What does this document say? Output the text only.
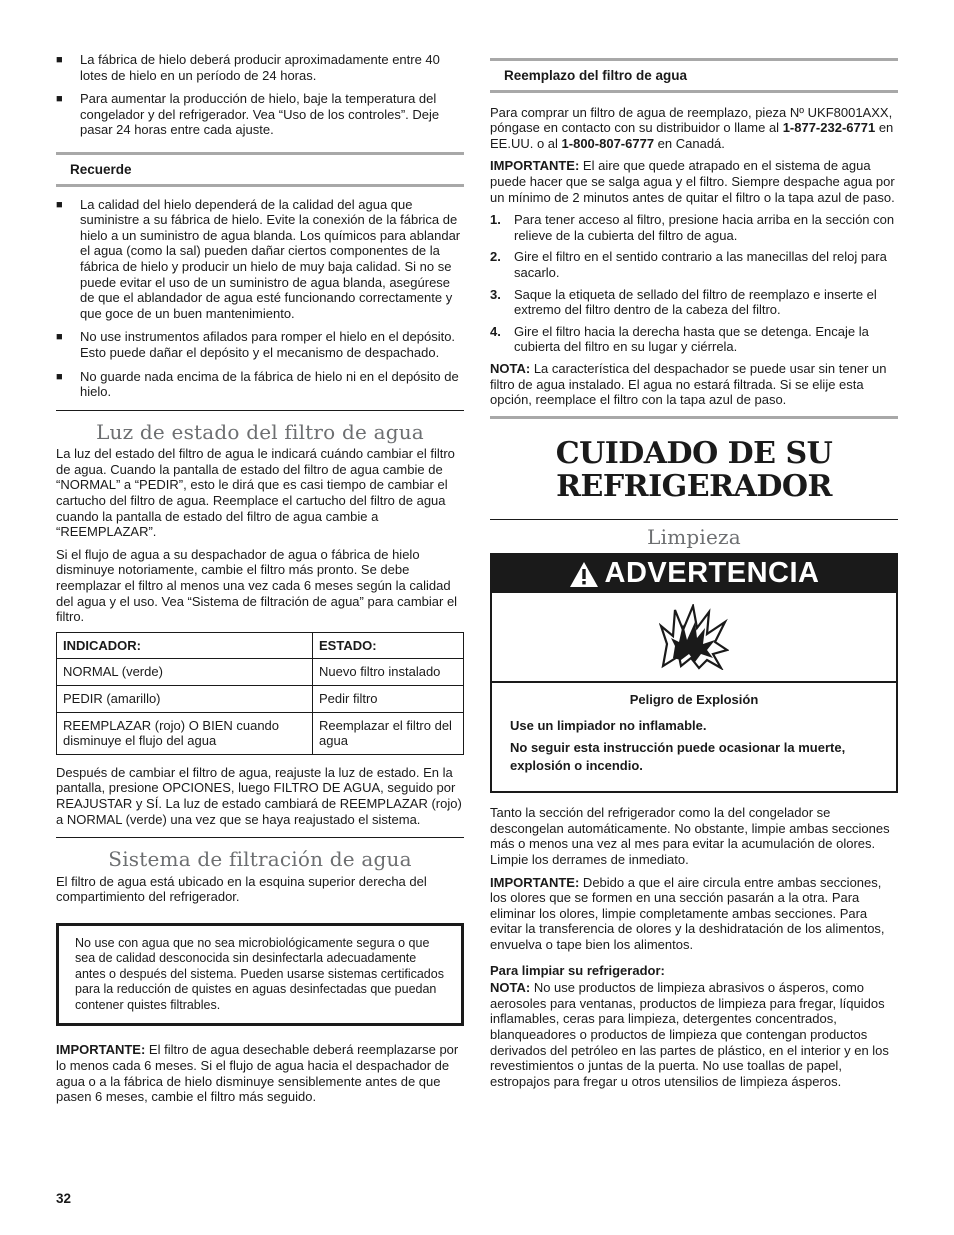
■	La fábrica de hielo deberá producir aproximadamente entre 40 lotes de hielo en un período de 24 horas.
■	Para aumentar la producción de hielo, baje la temperatura del congelador y del refrigerador. Vea “Uso de los controles”. Deje pasar 24 horas entre cada ajuste.
Recuerde
■	La calidad del hielo dependerá de la calidad del agua que suministre a su fábrica de hielo. Evite la conexión de la fábrica de hielo a un suministro de agua blanda. Los químicos para ablandar el agua (como la sal) pueden dañar ciertos componentes de la fábrica de hielo y producir un hielo de muy baja calidad. Si no se puede evitar el uso de un suministro de agua blanda, asegúrese de que el ablandador de agua esté funcionando correctamente y que goce de un buen mantenimiento.
■	No use instrumentos afilados para romper el hielo en el depósito. Esto puede dañar el depósito y el mecanismo de despachado.
■	No guarde nada encima de la fábrica de hielo ni en el depósito de hielo.
Luz de estado del filtro de agua

La luz del estado del filtro de agua le indicará cuándo cambiar el filtro de agua. Cuando la pantalla de estado del filtro de agua cambie de “NORMAL” a “PEDIR”, esto le dirá que es casi tiempo de cambiar el cartucho del filtro de agua. Reemplace el cartucho del filtro de agua cuando la pantalla de estado del filtro de agua cambie a “REEMPLAZAR”.

Si el flujo de agua a su despachador de agua o fábrica de hielo disminuye notoriamente, cambie el filtro más pronto. Se debe reemplazar el filtro al menos una vez cada 6 meses según la calidad del agua y el uso. Vea “Sistema de filtración de agua” para cambiar el filtro.

INDICADOR:	ESTADO:
NORMAL (verde)	Nuevo filtro instalado
PEDIR (amarillo)	Pedir filtro
REEMPLAZAR (rojo) O BIEN cuando disminuye el flujo del agua	Reemplazar el filtro del agua

Después de cambiar el filtro de agua, reajuste la luz de estado. En la pantalla, presione OPCIONES, luego FILTRO DE AGUA, seguido por REAJUSTAR y SÍ. La luz de estado cambiará de REEMPLAZAR (rojo) a NORMAL (verde) una vez que se haya reajustado el sistema.

Sistema de filtración de agua

El filtro de agua está ubicado en la esquina superior derecha del compartimiento del refrigerador.

No use con agua que no sea microbiológicamente segura o que sea de calidad desconocida sin desinfectarla adecuadamente antes o después del sistema. Pueden usarse sistemas certificados para la reducción de quistes en aguas desinfectadas que puedan contener quistes filtrables.

IMPORTANTE: El filtro de agua desechable deberá reemplazarse por lo menos cada 6 meses. Si el flujo de agua hacia el despachador de agua o a la fábrica de hielo disminuye sensiblemente antes de que pasen 6 meses, cambie el filtro más seguido.

Reemplazo del filtro de agua

Para comprar un filtro de agua de reemplazo, pieza Nº UKF8001AXX, póngase en contacto con su distribuidor o llame al 1-877-232-6771 en EE.UU. o al 1-800-807-6777 en Canadá.

IMPORTANTE: El aire que quede atrapado en el sistema de agua puede hacer que se salga agua y el filtro. Siempre despache agua por un mínimo de 2 minutos antes de quitar el filtro o la tapa azul de paso.

1.	Para tener acceso al filtro, presione hacia arriba en la sección con relieve de la cubierta del filtro de agua.
2.	Gire el filtro en el sentido contrario a las manecillas del reloj para sacarlo.
3.	Saque la etiqueta de sellado del filtro de reemplazo e inserte el extremo del filtro dentro de la cabeza del filtro.
4.	Gire el filtro hacia la derecha hasta que se detenga. Encaje la cubierta del filtro en su lugar y ciérrela.

NOTA: La característica del despachador se puede usar sin tener un filtro de agua instalado. El agua no estará filtrada. Si se elije esta opción, reemplace el filtro con la tapa azul de paso.

CUIDADO DE SU
REFRIGERADOR
Limpieza
ADVERTENCIA
Peligro de Explosión
Use un limpiador no inflamable.
No seguir esta instrucción puede ocasionar la muerte, explosión o incendio.

Tanto la sección del refrigerador como la del congelador se descongelan automáticamente. No obstante, limpie ambas secciones más o menos una vez al mes para evitar la acumulación de olores. Limpie los derrames de inmediato.

IMPORTANTE: Debido a que el aire circula entre ambas secciones, los olores que se formen en una sección pasarán a la otra. Para eliminar los olores, limpie completamente ambas secciones. Para evitar la transferencia de olores y la deshidratación de los alimentos, envuelva o tape bien los alimentos.

Para limpiar su refrigerador:

NOTA: No use productos de limpieza abrasivos o ásperos, como aerosoles para ventanas, productos de limpieza para fregar, líquidos inflamables, ceras para limpieza, detergentes concentrados, blanqueadores o productos de limpieza que contengan productos derivados del petróleo en las partes de plástico, en el interior y en los revestimientos o juntas de la puerta. No use toallas de papel, estropajos para fregar u otros utensilios de limpieza ásperos.

32
